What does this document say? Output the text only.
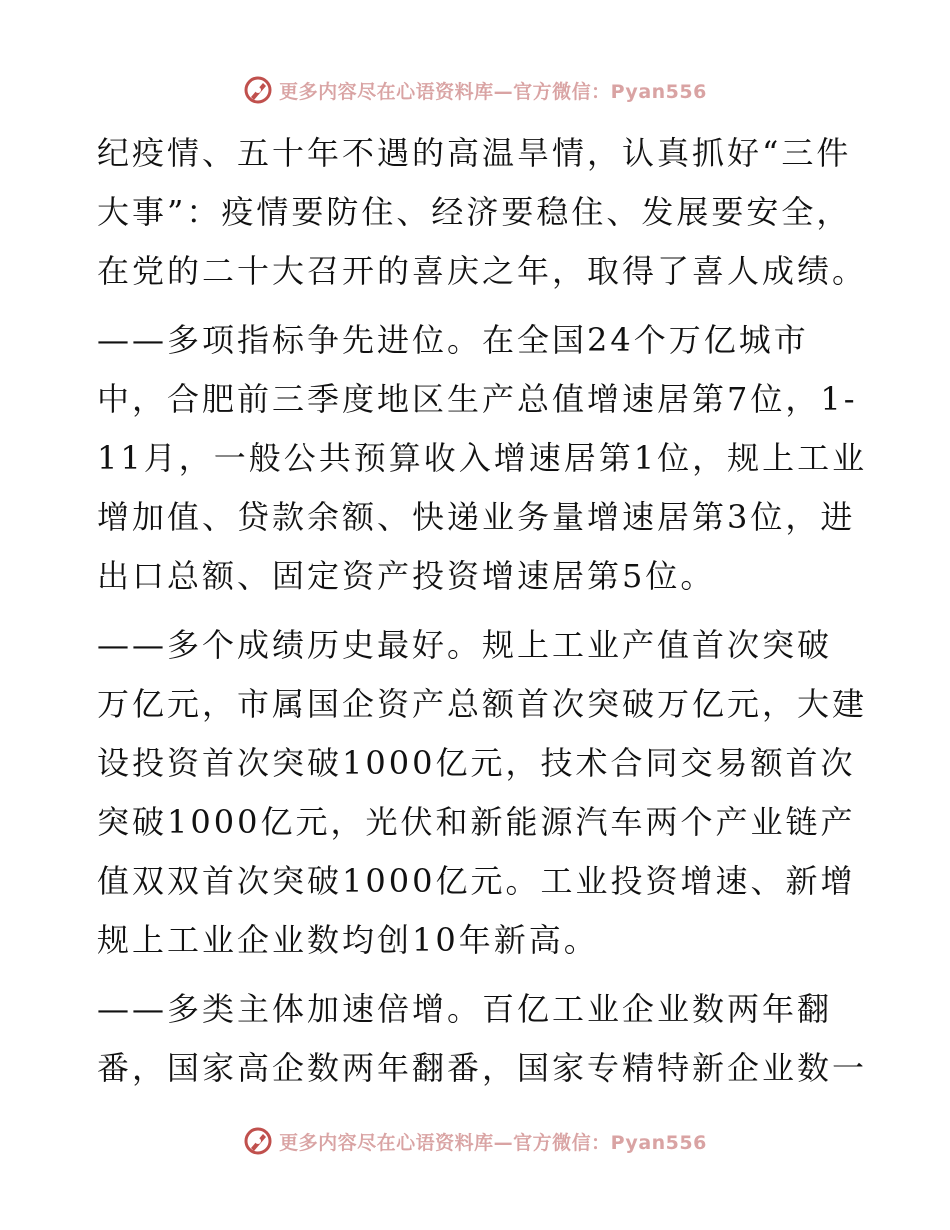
更多内容尽在心语资料库—官方微信：Pyan556
纪疫情、五十年不遇的高温旱情，认真抓好“三件
大事”：疫情要防住、经济要稳住、发展要安全，
在党的二十大召开的喜庆之年，取得了喜人成绩。
——多项指标争先进位。在全国24个万亿城市
中，合肥前三季度地区生产总值增速居第7位，1-
11月，一般公共预算收入增速居第1位，规上工业
增加值、贷款余额、快递业务量增速居第3位，进
出口总额、固定资产投资增速居第5位。
——多个成绩历史最好。规上工业产值首次突破
万亿元，市属国企资产总额首次突破万亿元，大建
设投资首次突破1000亿元，技术合同交易额首次
突破1000亿元，光伏和新能源汽车两个产业链产
值双双首次突破1000亿元。工业投资增速、新增
规上工业企业数均创10年新高。
——多类主体加速倍增。百亿工业企业数两年翻
番，国家高企数两年翻番，国家专精特新企业数一
更多内容尽在心语资料库—官方微信：Pyan556
